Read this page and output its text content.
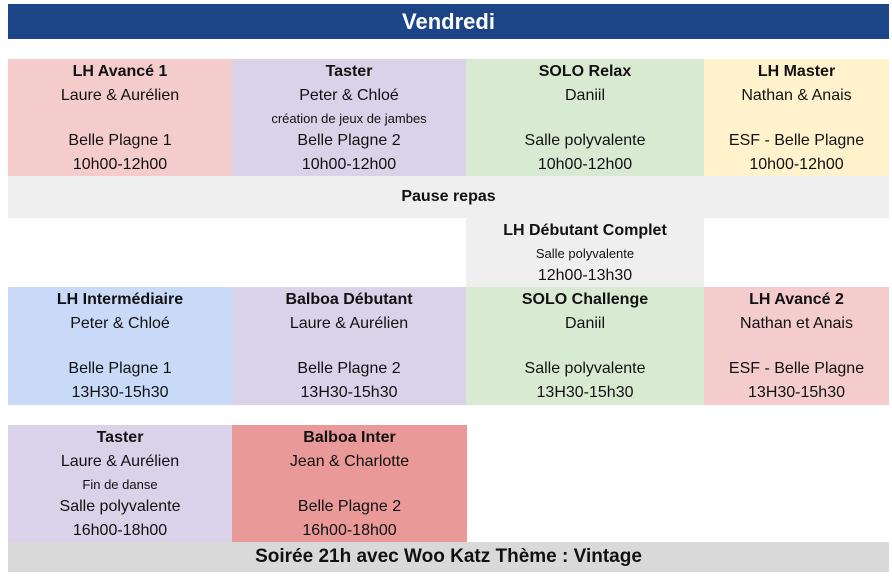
Vendredi
LH Avancé 1
Laure & Aurélien
Belle Plagne 1
10h00-12h00
Taster
Peter & Chloé
création de jeux de jambes
Belle Plagne 2
10h00-12h00
SOLO Relax
Daniil
Salle polyvalente
10h00-12h00
LH Master
Nathan & Anais
ESF - Belle Plagne
10h00-12h00
Pause repas
LH Débutant Complet
Salle polyvalente
12h00-13h30
LH Intermédiaire
Peter & Chloé
Belle Plagne 1
13H30-15h30
Balboa Débutant
Laure & Aurélien
Belle Plagne 2
13H30-15h30
SOLO Challenge
Daniil
Salle polyvalente
13H30-15h30
LH Avancé 2
Nathan et Anais
ESF - Belle Plagne
13H30-15h30
Taster
Laure & Aurélien
Fin de danse
Salle polyvalente
16h00-18h00
Balboa Inter
Jean & Charlotte
Belle Plagne 2
16h00-18h00
Soirée 21h avec Woo Katz Thème : Vintage
